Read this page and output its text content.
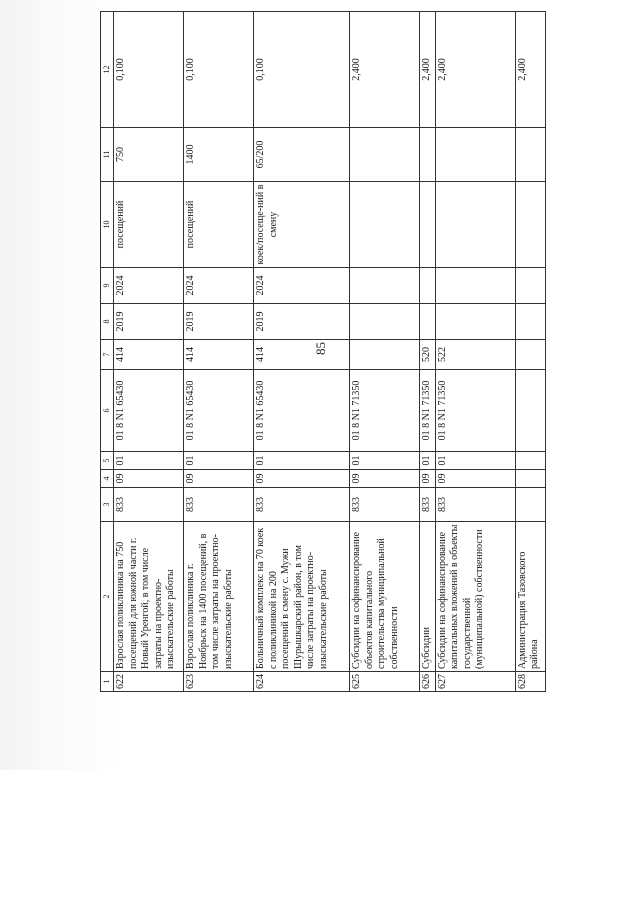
85
1	2	3	4	5	6	7	8	9	10	11	12
622	Взрослая поликлиника на 750 посещений для южной части г. Новый Уренгой, в том числе затраты на проектно-изыскательские работы	833	09	01	01 8 N1 65430	414	2019	2024	посещений	750	0,100
623	Взрослая поликлиника г. Ноябрьск на 1400 посещений, в том числе затраты на проектно-изыскательские работы	833	09	01	01 8 N1 65430	414	2019	2024	посещений	1400	0,100
624	Больничный комплекс на 70 коек с поликлиникой на 200 посещений в смену с. Мужи Шурышкарский район, в том числе затраты на проектно-изыскательские работы	833	09	01	01 8 N1 65430	414	2019	2024	коек/посеще-ний в смену	65/200	0,100
625	Субсидии на софинансирование объектов капитального строительства муниципальной собственности	833	09	01	01 8 N1 71350						2,400
626	Субсидии	833	09	01	01 8 N1 71350	520					2,400
627	Субсидии на софинансирование капитальных вложений в объекты государственной (муниципальной) собственности	833	09	01	01 8 N1 71350	522					2,400
628	Администрация Тазовского района										2,400
